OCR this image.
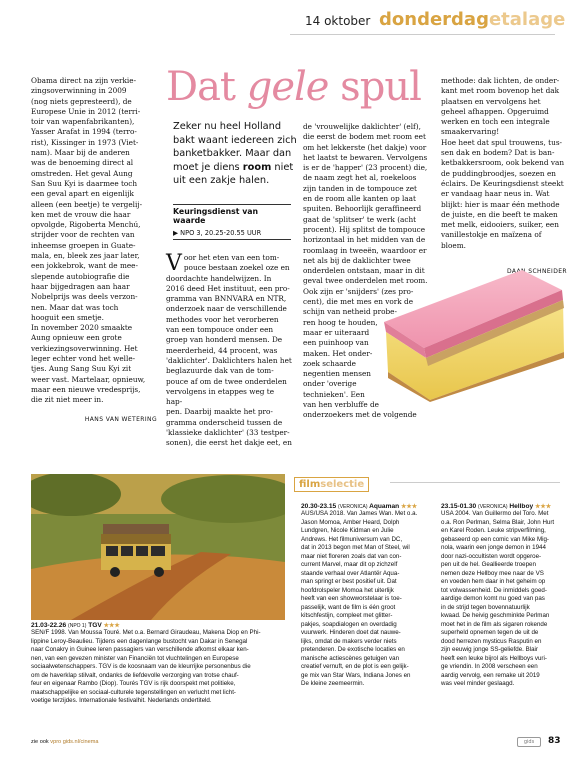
14 oktober donderdagetalage
Obama direct na zijn verkie-
zingsoverwinning in 2009
(nog niets gepresteerd), de
Europese Unie in 2012 (terri-
toir van wapenfabrikanten),
Yasser Arafat in 1994 (terro-
rist), Kissinger in 1973 (Viet-
nam). Maar bij de anderen
was de benoeming direct al
omstreden. Het geval Aung
San Suu Kyi is daarmee toch
een geval apart en eigenlijk
alleen (een beetje) te vergelij-
ken met de vrouw die haar
opvolgde, Rigoberta Menchú,
strijder voor de rechten van
inheemse groepen in Guate-
mala, en, bleek zes jaar later,
een jokkebrok, want de mee-
slepende autobiografie die
haar bijgedragen aan haar
Nobelprijs was deels verzon-
nen. Maar dat was toch
hooguit een smetje.
In november 2020 smaakte
Aung opnieuw een grote
verkiezingsoverwinning. Het
leger echter vond het welle-
tjes. Aung Sang Suu Kyi zit
weer vast. Martelaar, opnieuw,
maar een nieuwe vredesprijs,
die zit niet meer in.
HANS VAN WETERING
Dat gele spul
Zeker nu heel Holland
bakt waant iedereen zich
banketbakker. Maar dan
moet je diens room niet
uit een zakje halen.
Keuringsdienst van waarde
▶ NPO 3, 20.25-20.55 UUR
Voor het eten van een tom-
pouce bestaan zoekel oze en
doordachte handelwijzen. In
2016 deed Het instituut, een pro-
gramma van BNNVARA en NTR,
onderzoek naar de verschillende
methodes voor het verorberen
van een tompouce onder een
groep van honderd mensen. De
meerderheid, 44 procent, was
'daklichter'. Daklichters halen het
beglazuurde dak van de tom-
pouce af om de twee onderdelen
vervolgens in etappes weg te hap-
pen. Daarbij maakte het pro-
gramma onderscheid tussen de
'klassieke daklichter' (33 testper-
sonen), die eerst het dakje eet, en
de 'vrouwelijke daklichter' (elf),
die eerst de bodem met room eet
om het lekkerste (het dakje) voor
het laatst te bewaren. Vervolgens
is er de 'happer' (23 procent) die,
de naam zegt het al, roekeloos
zijn tanden in de tompouce zet
en de room alle kanten op laat
spuiten. Behoorlijk geraffineerd
gaat de 'splitser' te werk (acht
procent). Hij splitst de tompouce
horizontaal in het midden van de
roomlaag in tweeën, waardoor er
net als bij de daklichter twee
onderdelen ontstaan, maar in dit
geval twee onderdelen met room.
Ook zijn er 'snijders' (zes pro-
cent), die met mes en vork de
schijn van netheid probe-
ren hoog te houden,
maar er uiteraard
een puinhoop van
maken. Het onder-
zoek schaarde
negentien mensen
onder 'overige
technieken'. Een
van hen verbluffe de
onderzoekers met de volgende
methode: dak lichten, de onder-
kant met room bovenop het dak
plaatsen en vervolgens het
geheel afhappen. Opgeruimd
werken en toch een integrale
smaakervaring!
Hoe heet dat spul trouwens, tus-
sen dak en bodem? Dat is ban-
ketbakkersroom, ook bekend van
de puddingbroodjes, soezen en
éclairs. De Keuringsdienst steekt
er vandaag haar neus in. Wat
blijkt: hier is maar één methode
de juiste, en die beeft te maken
met melk, eidooiers, suiker, een
vanillestokje en maïzena of
bloem.
DAAN SCHNEIDER
filmselectie
21.03-22.26 (NPO 1) TGV ★★★
SEN/F 1998. Van Moussa Touré. Met o.a. Bernard Giraudeau, Makena Diop en Phi-
lippine Leroy-Beaulieu. Tijdens een dagenlange bustocht van Dakar in Senegal
naar Conakry in Guinee leren passagiers van verschillende afkomst elkaar ken-
nen, van een gevezen minister van Financiën tot vluchtelingen en Europese
sociaalwetenschappers. TGV is de koosnaam van de kleurrijke personenbus die
om de haverklap stilvalt, ondanks de liefdevolle verzorging van trotse chauf-
feur en eigenaar Rambo (Diop). Tourés TGV is rijk doorspekt met politieke,
maatschappelijke en sociaal-culturele tegenstellingen en verlucht met licht-
voetige terzijdes. Internationale festivalhit. Nederlands ondertiteld.
20.30-23.15 (VERONICA) Aquaman ★★★
AUS/USA 2018. Van James Wan. Met o.a.
Jason Momoa, Amber Heard, Dolph
Lundgren, Nicole Kidman en Julie
Andrews. Het filmuniversum van DC,
dat in 2013 begon met Man of Steel, wil
maar niet floreren zoals dat van con-
current Marvel, maar dit op zichzelf
staande verhaal over Atlantër Aqua-
man springt er best positief uit. Dat
hoofdrolspeler Momoa het uiterlijk
heeft van een showworstelaar is toe-
passelijk, want de film is één groot
kitschfestijn, compleet met glitter-
pakjes, soapdialogen en overdadig
vuurwerk. Hinderen doet dat nauwe-
lijks, omdat de makers verder niets
pretenderen. De exotische locaties en
manische actiescènes getuigen van
creatief vernuft, en de plot is een gelijk-
ge mix van Star Wars, Indiana Jones en
De kleine zeemeermin.
23.15-01.30 (VERONICA) Hellboy ★★★
USA 2004. Van Guillermo del Toro. Met
o.a. Ron Perlman, Selma Blair, John Hurt
en Karel Roden. Leuke stripverfilming,
gebaseerd op een comic van Mike Mig-
nola, waarin een jonge demon in 1944
door nazi-occultisten wordt opgeroe-
pen uit de hel. Geallieerde troepen
nemen deze Hellboy mee naar de VS
en voeden hem daar in het geheim op
tot volwassenheid. De inmiddels goed-
aardige demon komt nu goed van pas
in de strijd tegen bovennatuurlijk
kwaad. De heivig geschminkte Perlman
moet het in de film als sigaren rokende
superheld opnemen tegen de uit de
dood herrezen mysticus Rasputin en
zijn eeuwig jonge SS-geliefde. Blair
heeft een leuke bijrol als Hellboys vuri-
ge vriendin. In 2008 verscheen een
aardig vervolg, een remake uit 2019
was veel minder geslaagd.
zie ook vpro gids.nl/cinema	gids	83
